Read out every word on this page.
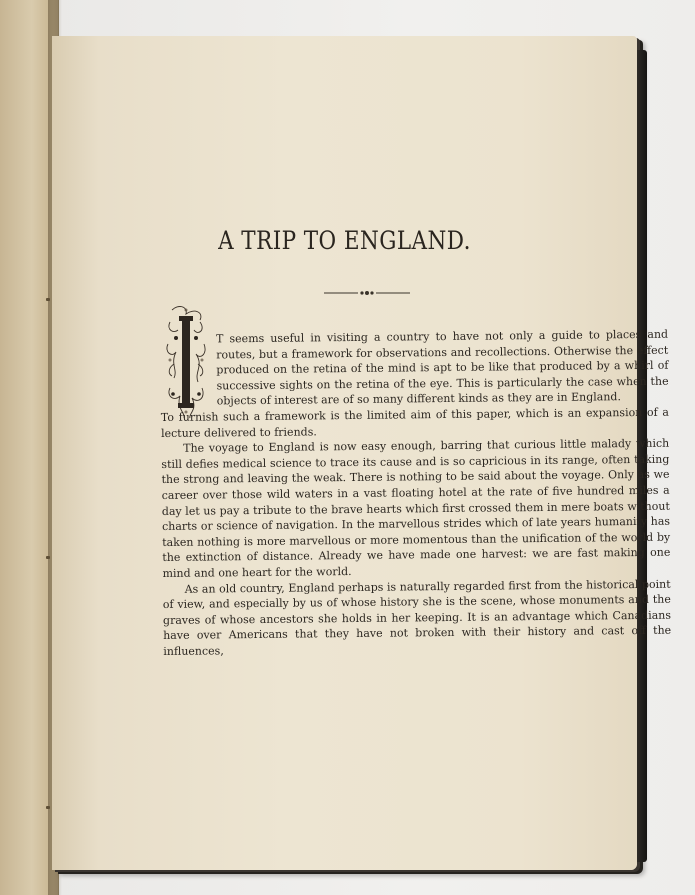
A TRIP TO ENGLAND.

T seems useful in visiting a country to have not only a guide to places and routes, but a framework for observations and recollections. Otherwise the effect produced on the retina of the mind is apt to be like that produced by a whirl of successive sights on the retina of the eye. This is particularly the case when the objects of interest are of so many different kinds as they are in England.

To furnish such a framework is the limited aim of this paper, which is an expansion of a lecture delivered to friends.

The voyage to England is now easy enough, barring that curious little malady which still defies medical science to trace its cause and is so capricious in its range, often taking the strong and leaving the weak. There is nothing to be said about the voyage. Only as we career over those wild waters in a vast floating hotel at the rate of five hundred miles a day let us pay a tribute to the brave hearts which first crossed them in mere boats without charts or science of navigation. In the marvellous strides which of late years humanity has taken nothing is more marvellous or more momentous than the unification of the world by the extinction of distance. Already we have made one harvest: we are fast making one mind and one heart for the world.

As an old country, England perhaps is naturally regarded first from the historical point of view, and especially by us of whose history she is the scene, whose monuments and the graves of whose ancestors she holds in her keeping. It is an advantage which Canadians have over Americans that they have not broken with their history and cast off the influences,
